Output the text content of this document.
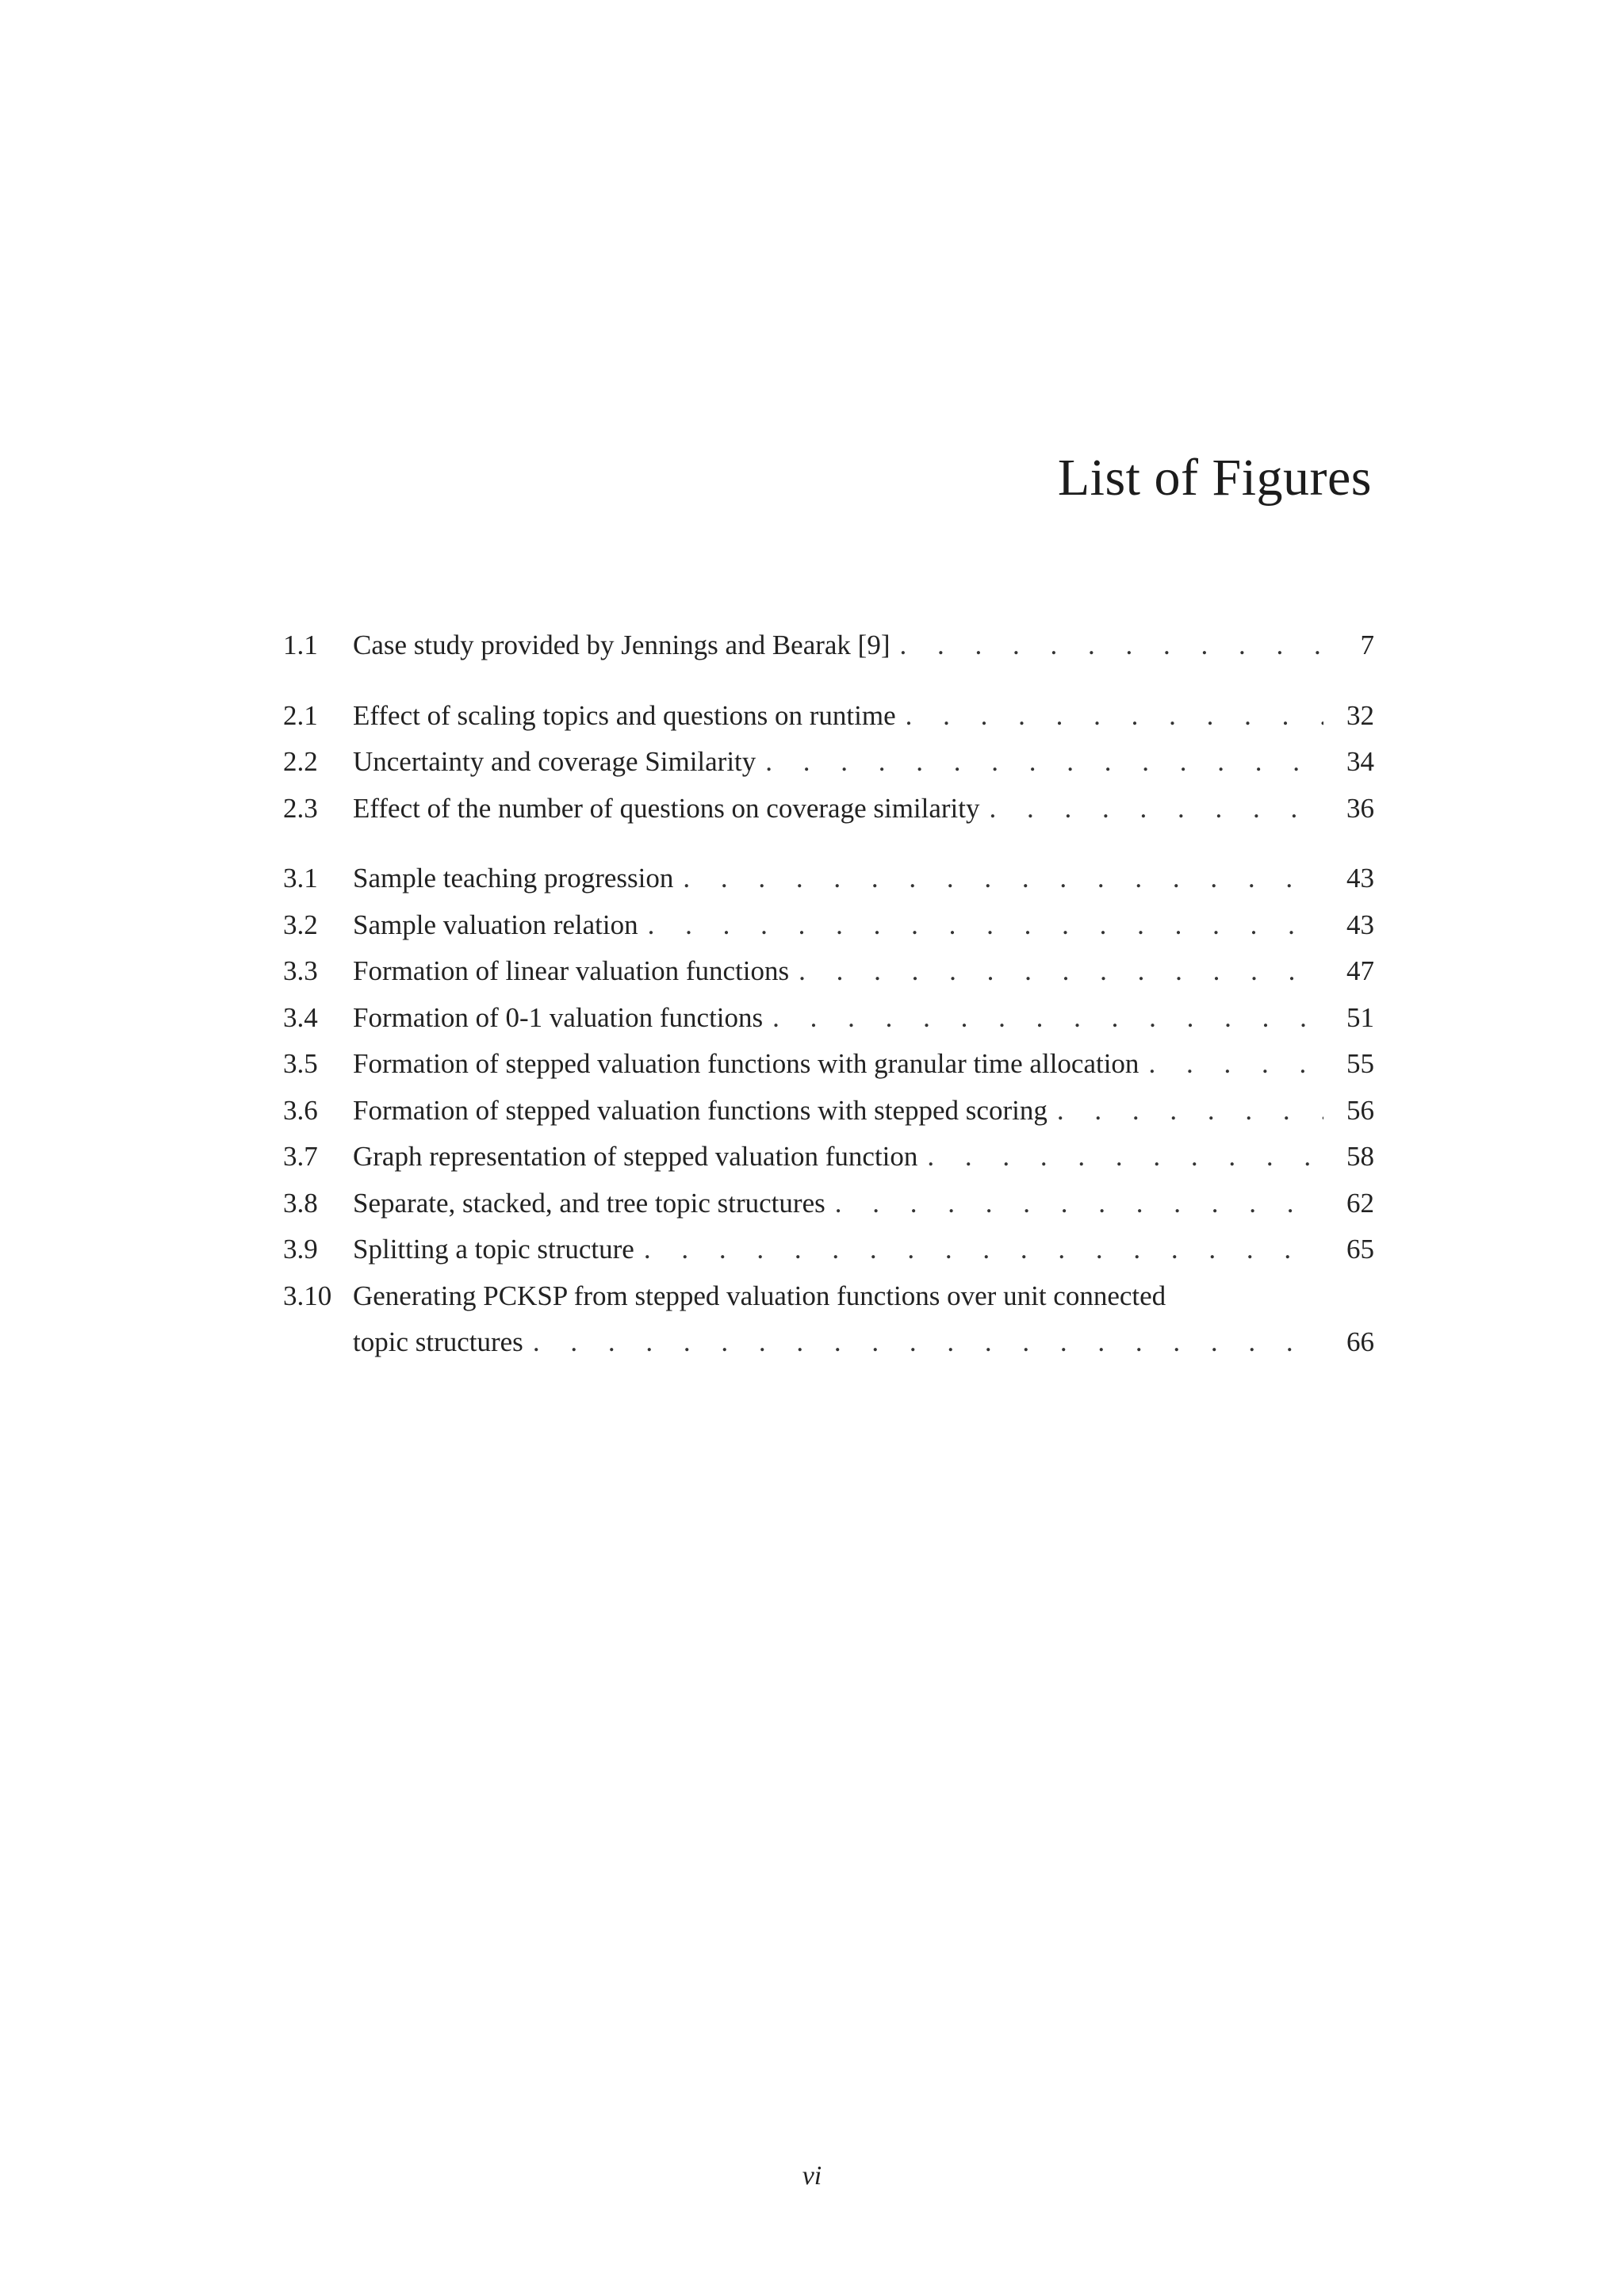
List of Figures
1.1	Case study provided by Jennings and Bearak [9] . . .	7
2.1	Effect of scaling topics and questions on runtime . . .	32
2.2	Uncertainty and coverage Similarity . . .	34
2.3	Effect of the number of questions on coverage similarity . . .	36
3.1	Sample teaching progression . . .	43
3.2	Sample valuation relation . . .	43
3.3	Formation of linear valuation functions . . .	47
3.4	Formation of 0-1 valuation functions . . .	51
3.5	Formation of stepped valuation functions with granular time allocation . . .	55
3.6	Formation of stepped valuation functions with stepped scoring . . .	56
3.7	Graph representation of stepped valuation function . . .	58
3.8	Separate, stacked, and tree topic structures . . .	62
3.9	Splitting a topic structure . . .	65
3.10 Generating PCKSP from stepped valuation functions over unit connected
topic structures . . .	66
vi
